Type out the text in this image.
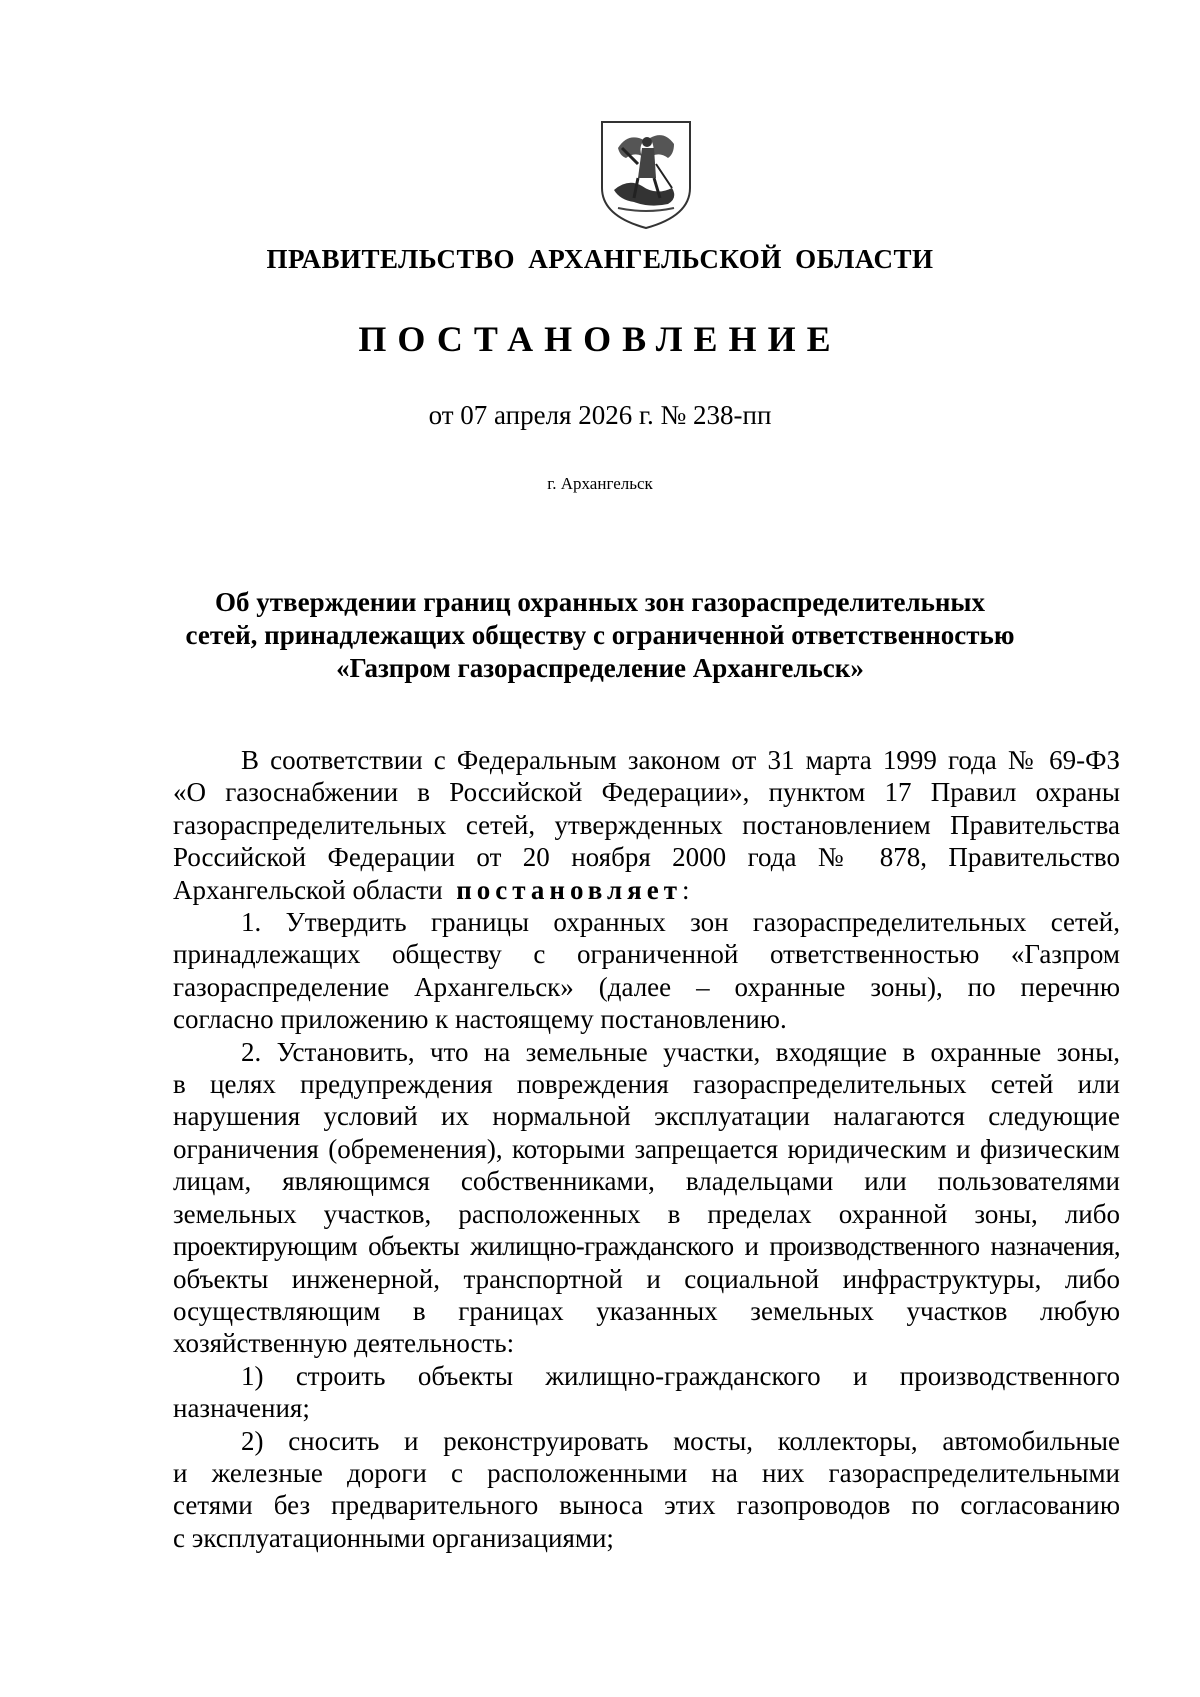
ПРАВИТЕЛЬСТВО АРХАНГЕЛЬСКОЙ ОБЛАСТИ
ПОСТАНОВЛЕНИЕ
от 07 апреля 2026 г. № 238-пп
г. Архангельск
Об утверждении границ охранных зон газораспределительных
сетей, принадлежащих обществу с ограниченной ответственностью
«Газпром газораспределение Архангельск»
В соответствии с Федеральным законом от 31 марта 1999 года № 69-ФЗ
«О газоснабжении в Российской Федерации», пунктом 17 Правил охраны
газораспределительных сетей, утвержденных постановлением Правительства
Российской Федерации от 20 ноября 2000 года № 878, Правительство
Архангельской области постановляет:
1. Утвердить границы охранных зон газораспределительных сетей,
принадлежащих обществу с ограниченной ответственностью «Газпром
газораспределение Архангельск» (далее – охранные зоны), по перечню
согласно приложению к настоящему постановлению.
2. Установить, что на земельные участки, входящие в охранные зоны,
в целях предупреждения повреждения газораспределительных сетей или
нарушения условий их нормальной эксплуатации налагаются следующие
ограничения (обременения), которыми запрещается юридическим и физическим
лицам, являющимся собственниками, владельцами или пользователями
земельных участков, расположенных в пределах охранной зоны, либо
проектирующим объекты жилищно-гражданского и производственного назначения,
объекты инженерной, транспортной и социальной инфраструктуры, либо
осуществляющим в границах указанных земельных участков любую
хозяйственную деятельность:
1) строить объекты жилищно-гражданского и производственного
назначения;
2) сносить и реконструировать мосты, коллекторы, автомобильные
и железные дороги с расположенными на них газораспределительными
сетями без предварительного выноса этих газопроводов по согласованию
с эксплуатационными организациями;
